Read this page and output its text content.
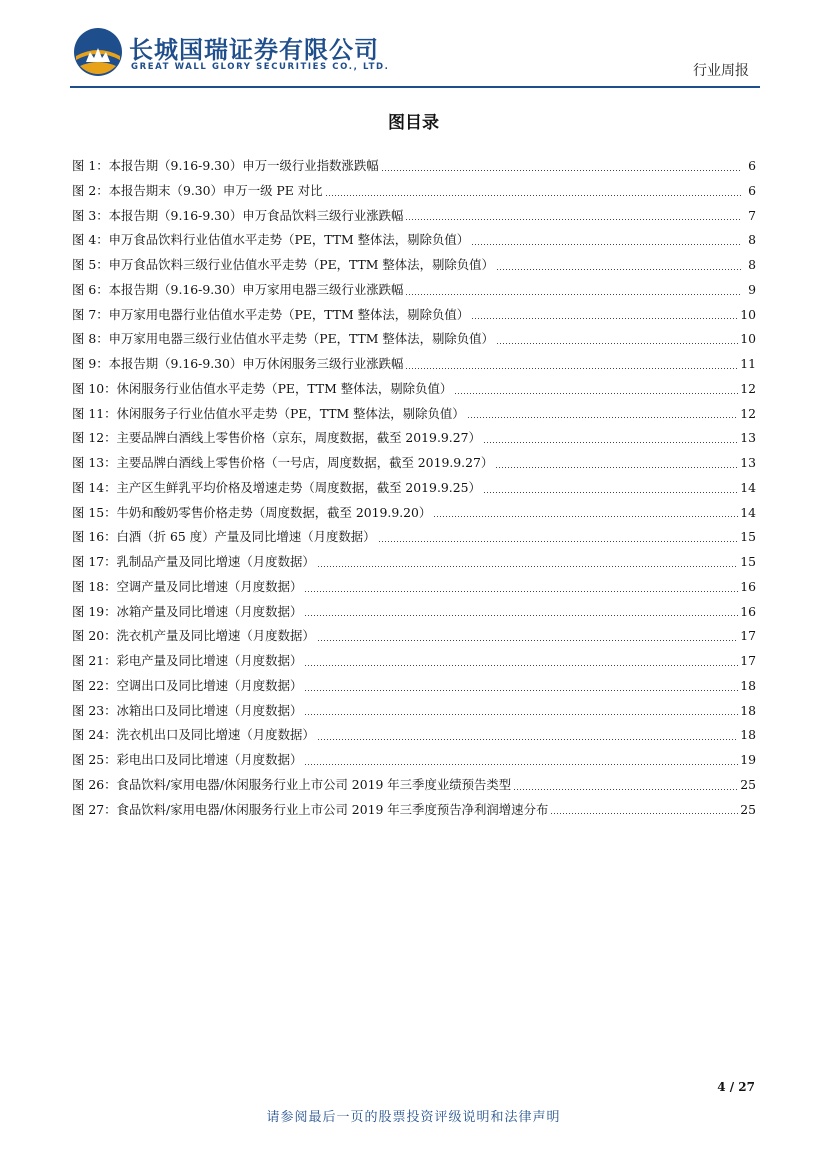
长城国瑞证券有限公司
GREAT WALL GLORY SECURITIES CO., LTD.	行业周报
图目录
图 1：本报告期（9.16-9.30）申万一级行业指数涨跌幅	6
图 2：本报告期末（9.30）申万一级 PE 对比	6
图 3：本报告期（9.16-9.30）申万食品饮料三级行业涨跌幅	7
图 4：申万食品饮料行业估值水平走势（PE，TTM 整体法，剔除负值）	8
图 5：申万食品饮料三级行业估值水平走势（PE，TTM 整体法，剔除负值）	8
图 6：本报告期（9.16-9.30）申万家用电器三级行业涨跌幅	9
图 7：申万家用电器行业估值水平走势（PE，TTM 整体法，剔除负值）	10
图 8：申万家用电器三级行业估值水平走势（PE，TTM 整体法，剔除负值）	10
图 9：本报告期（9.16-9.30）申万休闲服务三级行业涨跌幅	11
图 10：休闲服务行业估值水平走势（PE，TTM 整体法，剔除负值）	12
图 11：休闲服务子行业估值水平走势（PE，TTM 整体法，剔除负值）	12
图 12：主要品牌白酒线上零售价格（京东，周度数据，截至 2019.9.27）	13
图 13：主要品牌白酒线上零售价格（一号店，周度数据，截至 2019.9.27）	13
图 14：主产区生鲜乳平均价格及增速走势（周度数据，截至 2019.9.25）	14
图 15：牛奶和酸奶零售价格走势（周度数据，截至 2019.9.20）	14
图 16：白酒（折 65 度）产量及同比增速（月度数据）	15
图 17：乳制品产量及同比增速（月度数据）	15
图 18：空调产量及同比增速（月度数据）	16
图 19：冰箱产量及同比增速（月度数据）	16
图 20：洗衣机产量及同比增速（月度数据）	17
图 21：彩电产量及同比增速（月度数据）	17
图 22：空调出口及同比增速（月度数据）	18
图 23：冰箱出口及同比增速（月度数据）	18
图 24：洗衣机出口及同比增速（月度数据）	18
图 25：彩电出口及同比增速（月度数据）	19
图 26：食品饮料/家用电器/休闲服务行业上市公司 2019 年三季度业绩预告类型	25
图 27：食品饮料/家用电器/休闲服务行业上市公司 2019 年三季度预告净利润增速分布	25
4 / 27
请参阅最后一页的股票投资评级说明和法律声明
